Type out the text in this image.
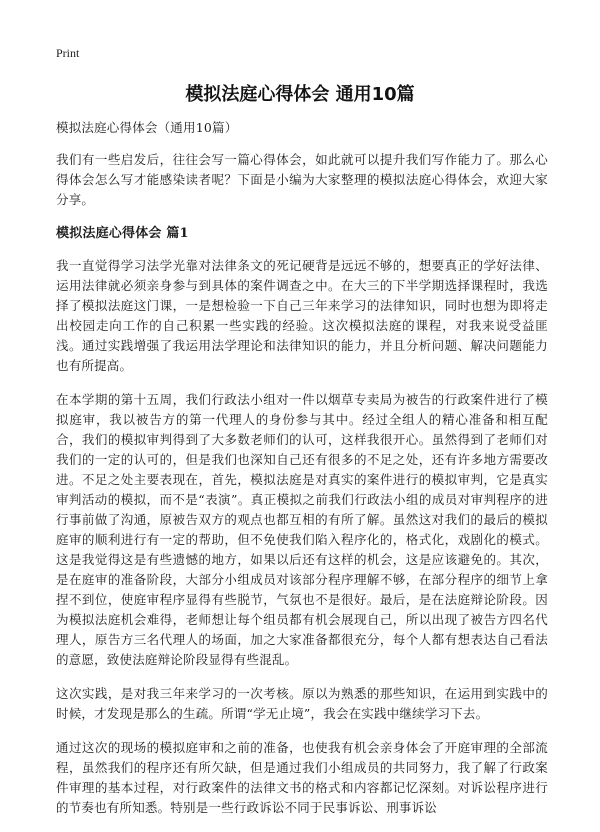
Print
模拟法庭心得体会 通用10篇

模拟法庭心得体会（通用10篇）

我们有一些启发后，往往会写一篇心得体会，如此就可以提升我们写作能力了。那么心得体会怎么写才能感染读者呢？下面是小编为大家整理的模拟法庭心得体会，欢迎大家分享。

模拟法庭心得体会 篇1

我一直觉得学习法学光靠对法律条文的死记硬背是远远不够的，想要真正的学好法律、运用法律就必须亲身参与到具体的案件调查之中。在大三的下半学期选择课程时，我选择了模拟法庭这门课，一是想检验一下自己三年来学习的法律知识，同时也想为即将走出校园走向工作的自己积累一些实践的经验。这次模拟法庭的课程，对我来说受益匪浅。通过实践增强了我运用法学理论和法律知识的能力，并且分析问题、解决问题能力也有所提高。

在本学期的第十五周，我们行政法小组对一件以烟草专卖局为被告的行政案件进行了模拟庭审，我以被告方的第一代理人的身份参与其中。经过全组人的精心准备和相互配合，我们的模拟审判得到了大多数老师们的认可，这样我很开心。虽然得到了老师们对我们的一定的认可的，但是我们也深知自己还有很多的不足之处，还有许多地方需要改进。不足之处主要表现在，首先，模拟法庭是对真实的案件进行的模拟审判，它是真实审判活动的模拟，而不是“表演”。真正模拟之前我们行政法小组的成员对审判程序的进行事前做了沟通，原被告双方的观点也都互相的有所了解。虽然这对我们的最后的模拟庭审的顺利进行有一定的帮助，但不免使我们陷入程序化的，格式化，戏剧化的模式。这是我觉得这是有些遗憾的地方，如果以后还有这样的机会，这是应该避免的。其次，是在庭审的准备阶段，大部分小组成员对该部分程序理解不够，在部分程序的细节上拿捏不到位，使庭审程序显得有些脱节，气氛也不是很好。最后，是在法庭辩论阶段。因为模拟法庭机会难得，老师想让每个组员都有机会展现自己，所以出现了被告方四名代理人，原告方三名代理人的场面，加之大家准备都很充分，每个人都有想表达自己看法的意愿，致使法庭辩论阶段显得有些混乱。

这次实践，是对我三年来学习的一次考核。原以为熟悉的那些知识，在运用到实践中的时候，才发现是那么的生疏。所谓“学无止境”，我会在实践中继续学习下去。

通过这次的现场的模拟庭审和之前的准备，也使我有机会亲身体会了开庭审理的全部流程，虽然我们的程序还有所欠缺，但是通过我们小组成员的共同努力，我了解了行政案件审理的基本过程，对行政案件的法律文书的格式和内容都记忆深刻。对诉讼程序进行的节奏也有所知悉。特别是一些行政诉讼不同于民事诉讼、刑事诉讼
